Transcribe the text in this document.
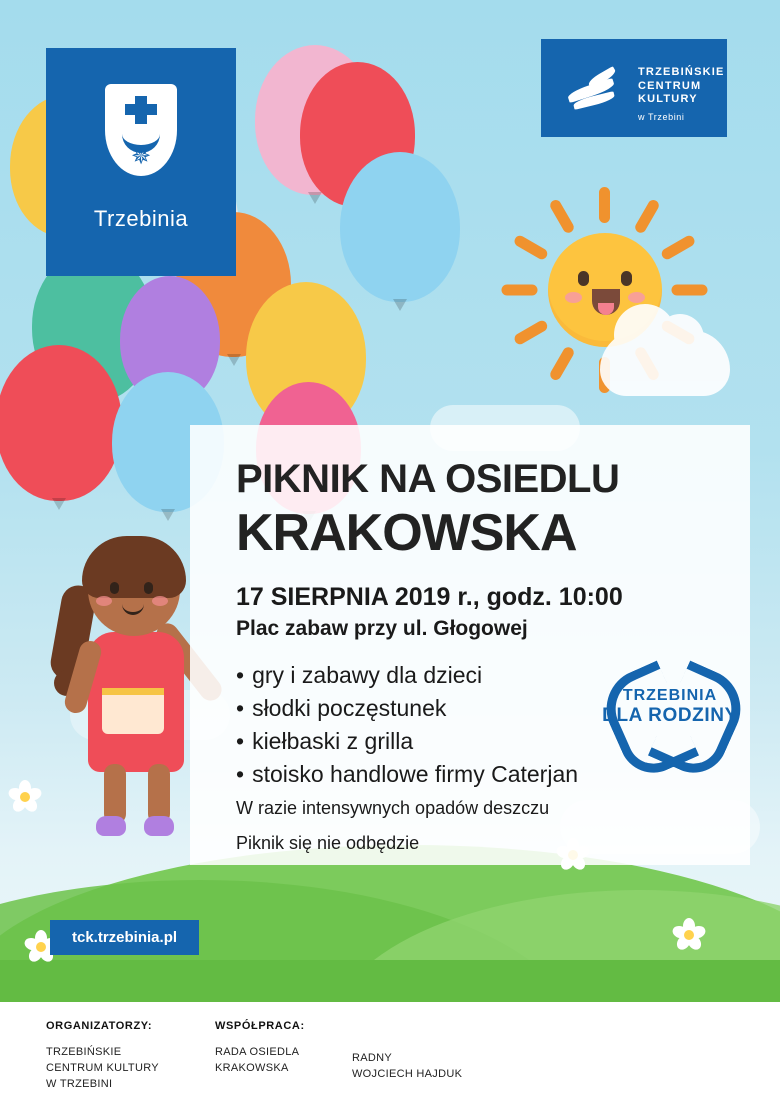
✵
Trzebinia
TRZEBIŃSKIE
CENTRUM
KULTURY
w Trzebini
PIKNIK NA OSIEDLU
KRAKOWSKA
17 SIERPNIA 2019 r., godz. 10:00
Plac zabaw przy ul. Głogowej
• gry i zabawy dla dzieci
• słodki poczęstunek
• kiełbaski z grilla
• stoisko handlowe firmy Caterjan
W razie intensywnych opadów deszczu
Piknik się nie odbędzie
TRZEBINIA
DLA RODZINY
tck.trzebinia.pl
ORGANIZATORZY:
TRZEBIŃSKIE
CENTRUM KULTURY
W TRZEBINI
WSPÓŁPRACA:
RADA OSIEDLA
KRAKOWSKA
RADNY
WOJCIECH HAJDUK
